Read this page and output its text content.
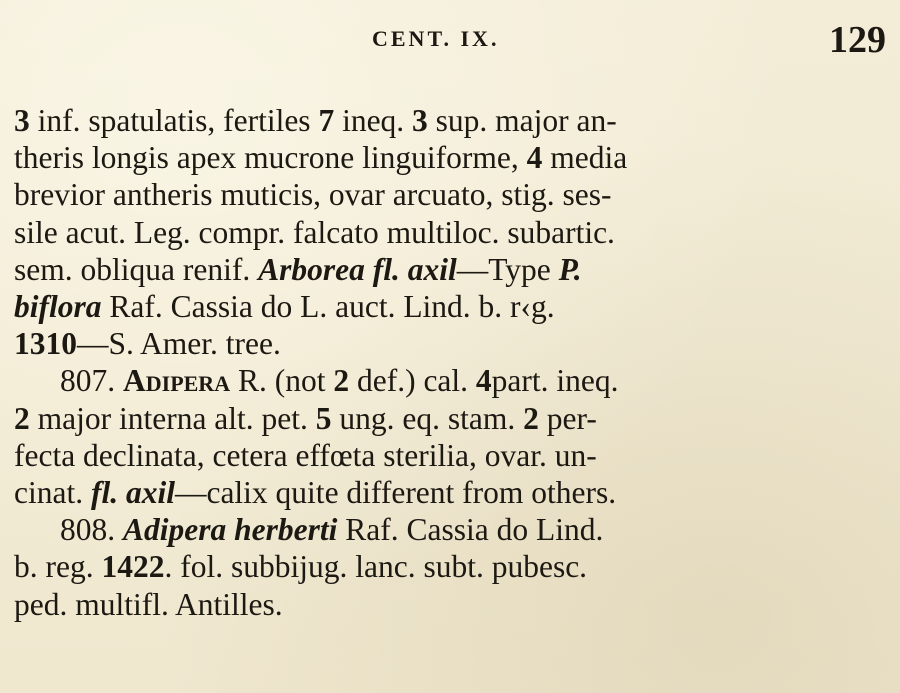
CENT. IX.	129
3 inf. spatulatis, fertiles 7 ineq. 3 sup. major an-
theris longis apex mucrone linguiforme, 4 media
brevior antheris muticis, ovar arcuato, stig. ses-
sile acut. Leg. compr. falcato multiloc. subartic.
sem. obliqua renif. Arborea fl. axil—Type P.
biflora Raf. Cassia do L. auct. Lind. b. r‹g.
1310—S. Amer. tree.
807. Adipera R. (not 2 def.) cal. 4part. ineq.
2 major interna alt. pet. 5 ung. eq. stam. 2 per-
fecta declinata, cetera effœta sterilia, ovar. un-
cinat. fl. axil—calix quite different from others.
808. Adipera herberti Raf. Cassia do Lind.
b. reg. 1422. fol. subbijug. lanc. subt. pubesc.
ped. multifl. Antilles.
